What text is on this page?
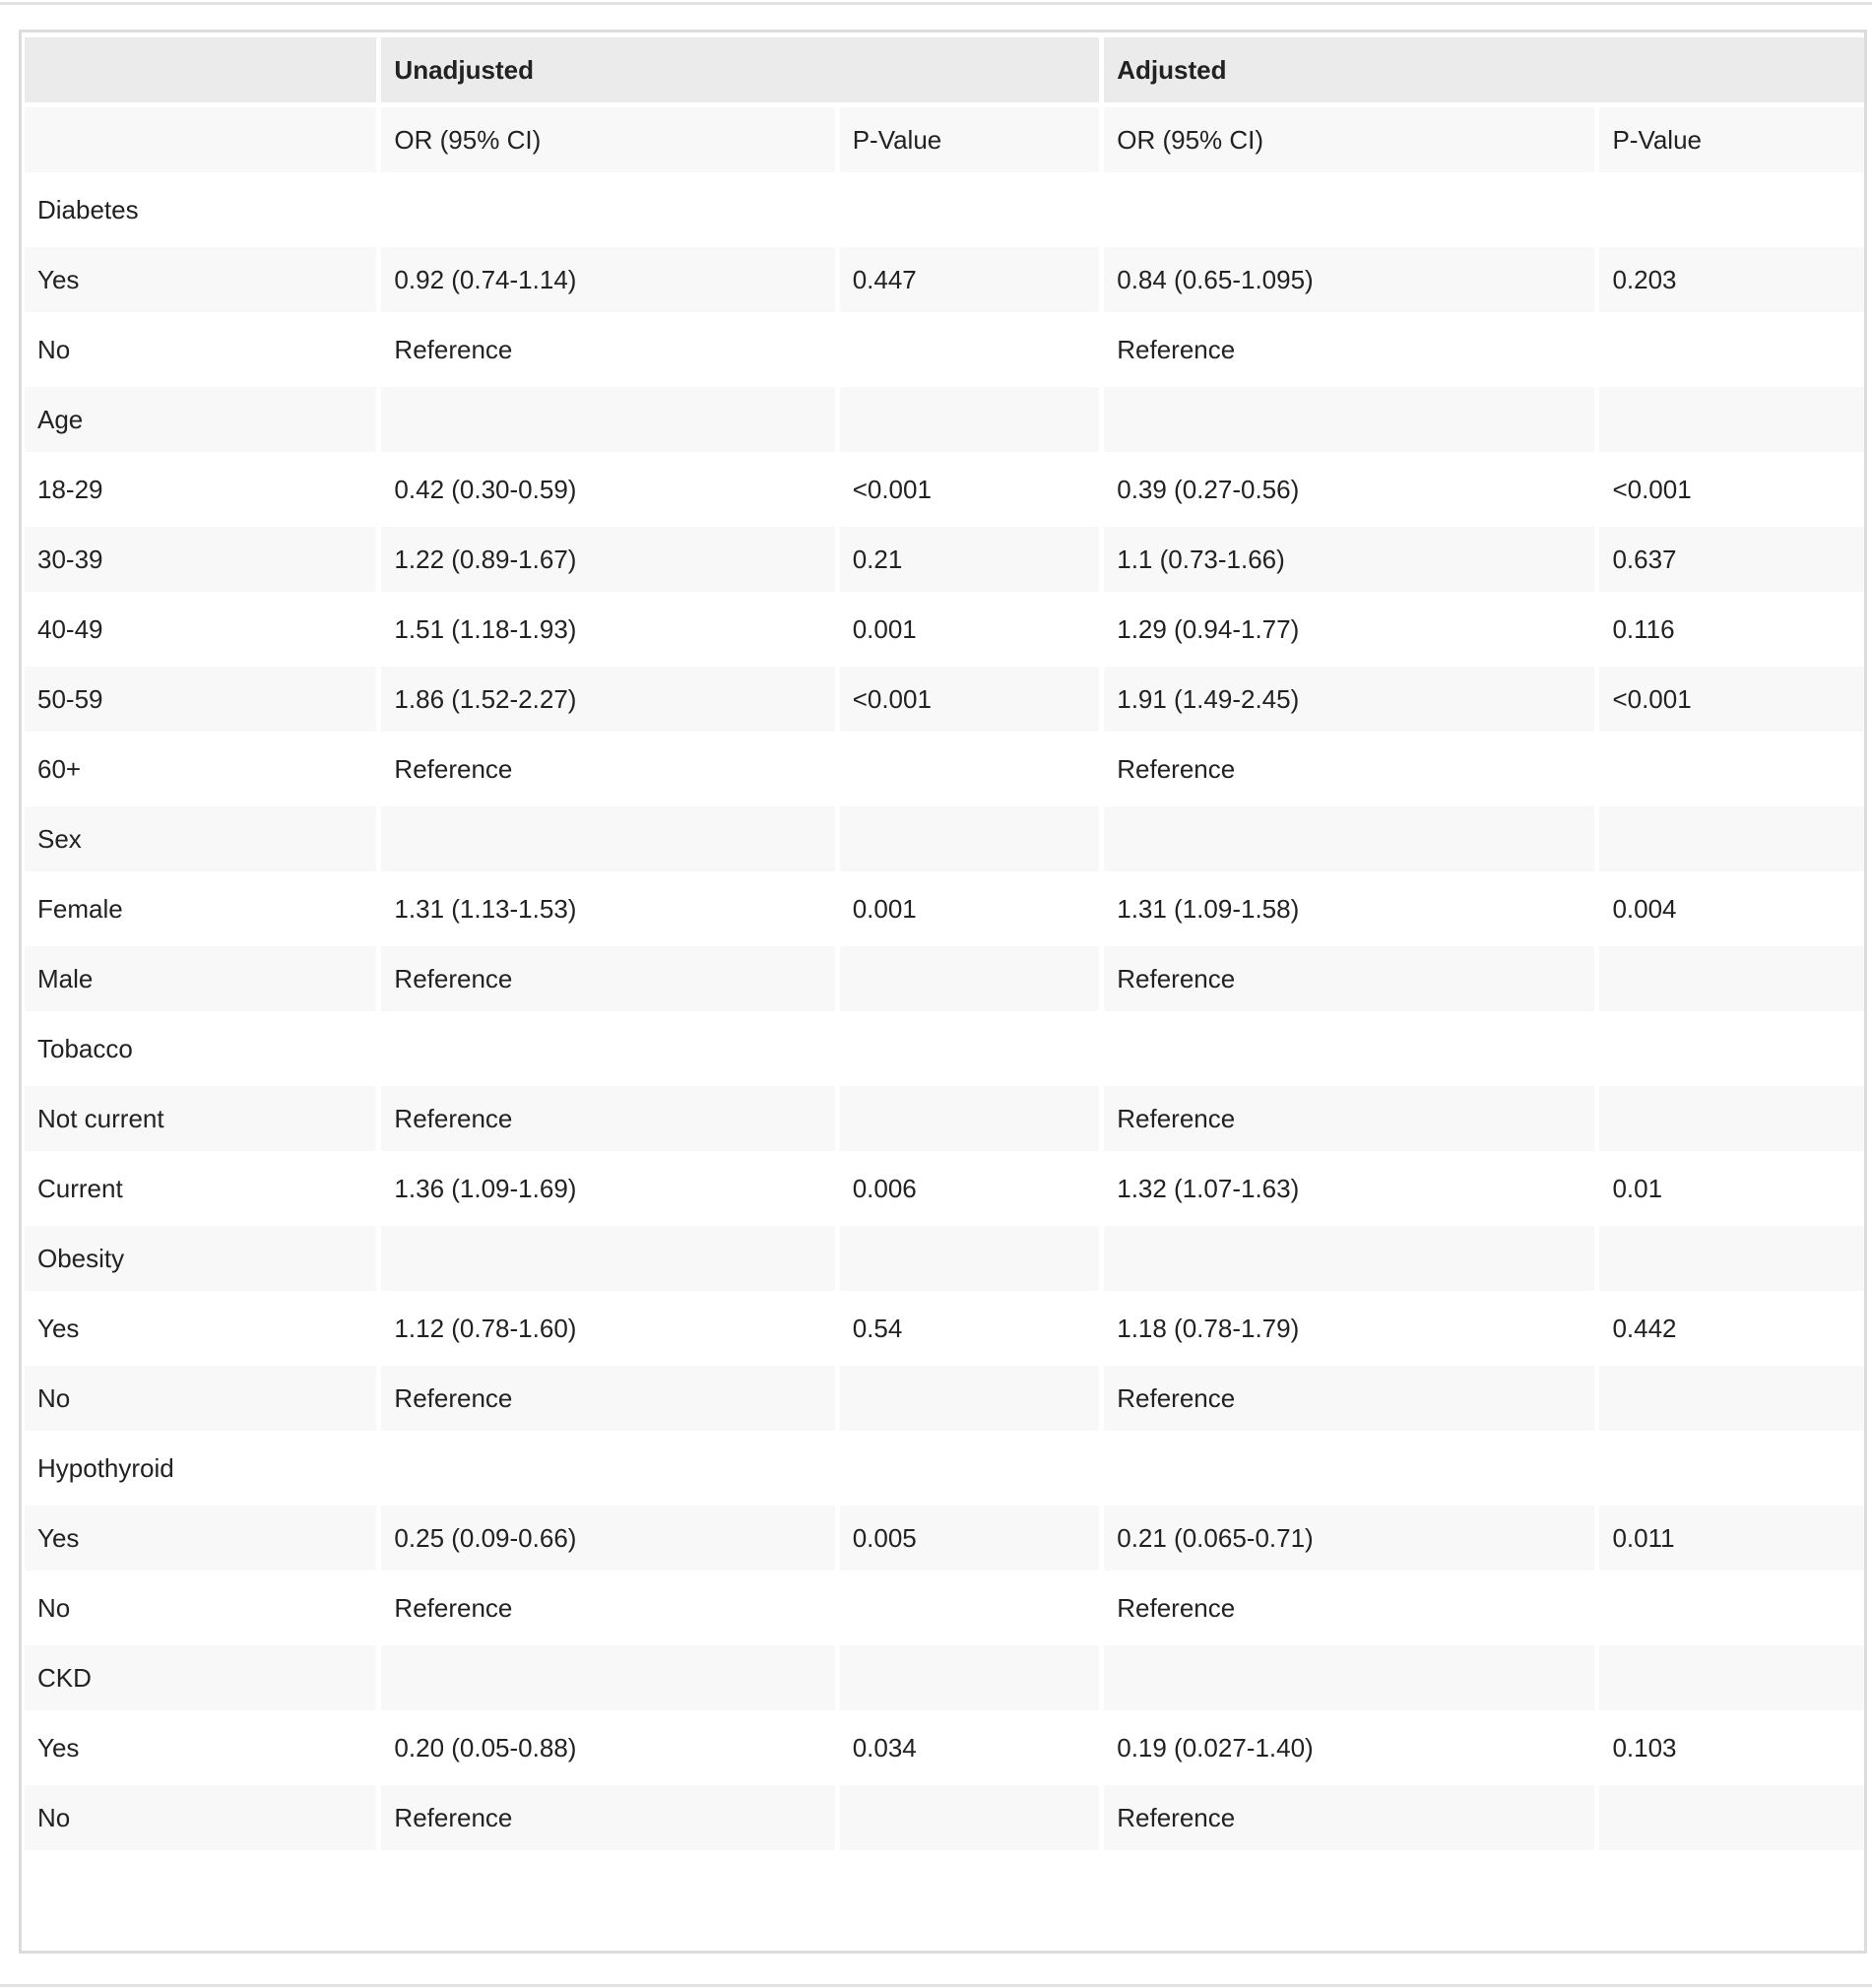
	Unadjusted		Adjusted	
	OR (95% CI)	P-Value	OR (95% CI)	P-Value
Diabetes				
Yes	0.92 (0.74-1.14)	0.447	0.84 (0.65-1.095)	0.203
No	Reference		Reference	
Age				
18-29	0.42 (0.30-0.59)	<0.001	0.39 (0.27-0.56)	<0.001
30-39	1.22 (0.89-1.67)	0.21	1.1 (0.73-1.66)	0.637
40-49	1.51 (1.18-1.93)	0.001	1.29 (0.94-1.77)	0.116
50-59	1.86 (1.52-2.27)	<0.001	1.91 (1.49-2.45)	<0.001
60+	Reference		Reference	
Sex				
Female	1.31 (1.13-1.53)	0.001	1.31 (1.09-1.58)	0.004
Male	Reference		Reference	
Tobacco				
Not current	Reference		Reference	
Current	1.36 (1.09-1.69)	0.006	1.32 (1.07-1.63)	0.01
Obesity				
Yes	1.12 (0.78-1.60)	0.54	1.18 (0.78-1.79)	0.442
No	Reference		Reference	
Hypothyroid				
Yes	0.25 (0.09-0.66)	0.005	0.21 (0.065-0.71)	0.011
No	Reference		Reference	
CKD				
Yes	0.20 (0.05-0.88)	0.034	0.19 (0.027-1.40)	0.103
No	Reference		Reference	
